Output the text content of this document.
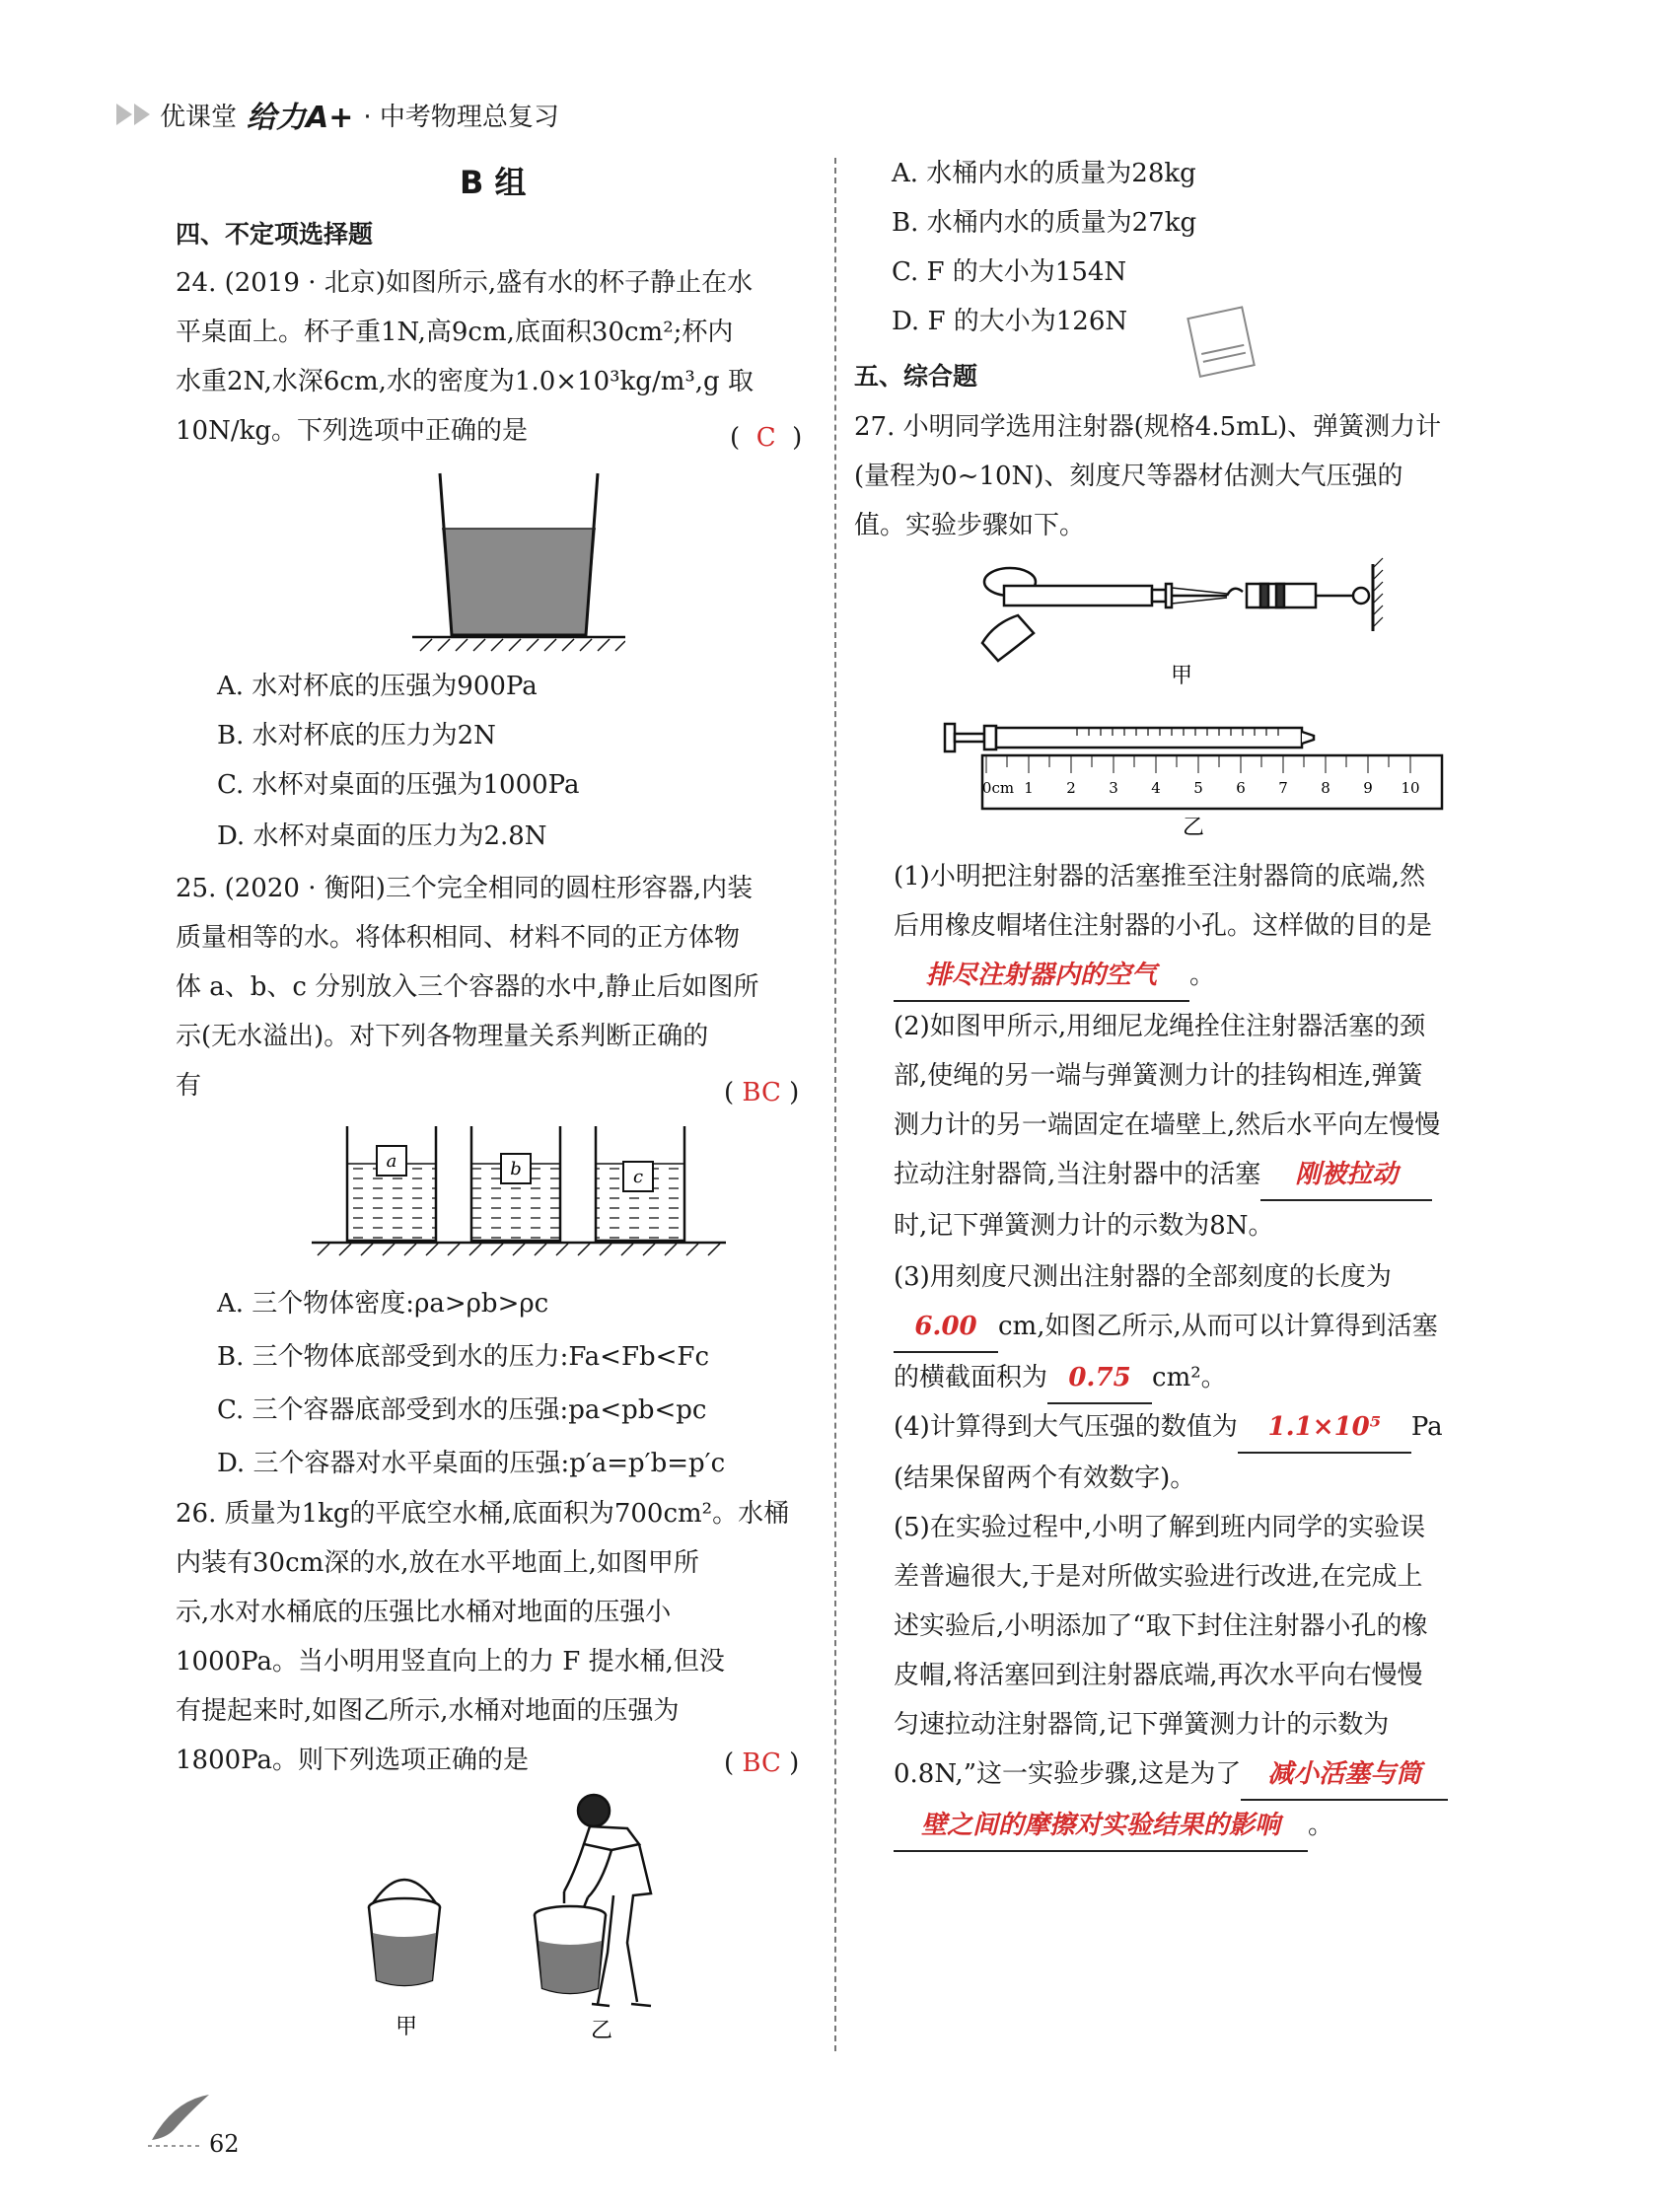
优课堂 给力A+ · 中考物理总复习
B 组
四、不定项选择题

24. (2019 · 北京)如图所示,盛有水的杯子静止在水

平桌面上。杯子重1N,高9cm,底面积30cm²;杯内

水重2N,水深6cm,水的密度为1.0×10³kg/m³,g 取

10N/kg。下列选项中正确的是	(  C  )
A. 水对杯底的压强为900Pa
B. 水对杯底的压力为2N
C. 水杯对桌面的压强为1000Pa
D. 水杯对桌面的压力为2.8N

25. (2020 · 衡阳)三个完全相同的圆柱形容器,内装

质量相等的水。将体积相同、材料不同的正方体物

体 a、b、c 分别放入三个容器的水中,静止后如图所

示(无水溢出)。对下列各物理量关系判断正确的

有	( BC )
a	b	c
A. 三个物体密度:ρa>ρb>ρc
B. 三个物体底部受到水的压力:Fa<Fb<Fc
C. 三个容器底部受到水的压强:pa<pb<pc
D. 三个容器对水平桌面的压强:p′a=p′b=p′c

26. 质量为1kg的平底空水桶,底面积为700cm²。水桶

内装有30cm深的水,放在水平地面上,如图甲所

示,水对水桶底的压强比水桶对地面的压强小

1000Pa。当小明用竖直向上的力 F 提水桶,但没

有提起来时,如图乙所示,水桶对地面的压强为

1800Pa。则下列选项正确的是	( BC )
甲	乙
A. 水桶内水的质量为28kg
B. 水桶内水的质量为27kg
C. F 的大小为154N
D. F 的大小为126N
五、综合题

27. 小明同学选用注射器(规格4.5mL)、弹簧测力计

(量程为0~10N)、刻度尺等器材估测大气压强的

值。实验步骤如下。

甲
0cm 1 2 3 4 5 6 7 8 9 10
乙

(1)小明把注射器的活塞推至注射器筒的底端,然

后用橡皮帽堵住注射器的小孔。这样做的目的是

排尽注射器内的空气 。

(2)如图甲所示,用细尼龙绳拴住注射器活塞的颈

部,使绳的另一端与弹簧测力计的挂钩相连,弹簧

测力计的另一端固定在墙壁上,然后水平向左慢慢

拉动注射器筒,当注射器中的活塞 刚被拉动

时,记下弹簧测力计的示数为8N。

(3)用刻度尺测出注射器的全部刻度的长度为

6.00 cm,如图乙所示,从而可以计算得到活塞

的横截面积为 0.75 cm²。

(4)计算得到大气压强的数值为 1.1×10⁵ Pa

(结果保留两个有效数字)。

(5)在实验过程中,小明了解到班内同学的实验误

差普遍很大,于是对所做实验进行改进,在完成上

述实验后,小明添加了“取下封住注射器小孔的橡

皮帽,将活塞回到注射器底端,再次水平向右慢慢

匀速拉动注射器筒,记下弹簧测力计的示数为

0.8N,”这一实验步骤,这是为了 减小活塞与筒

壁之间的摩擦对实验结果的影响 。

62
